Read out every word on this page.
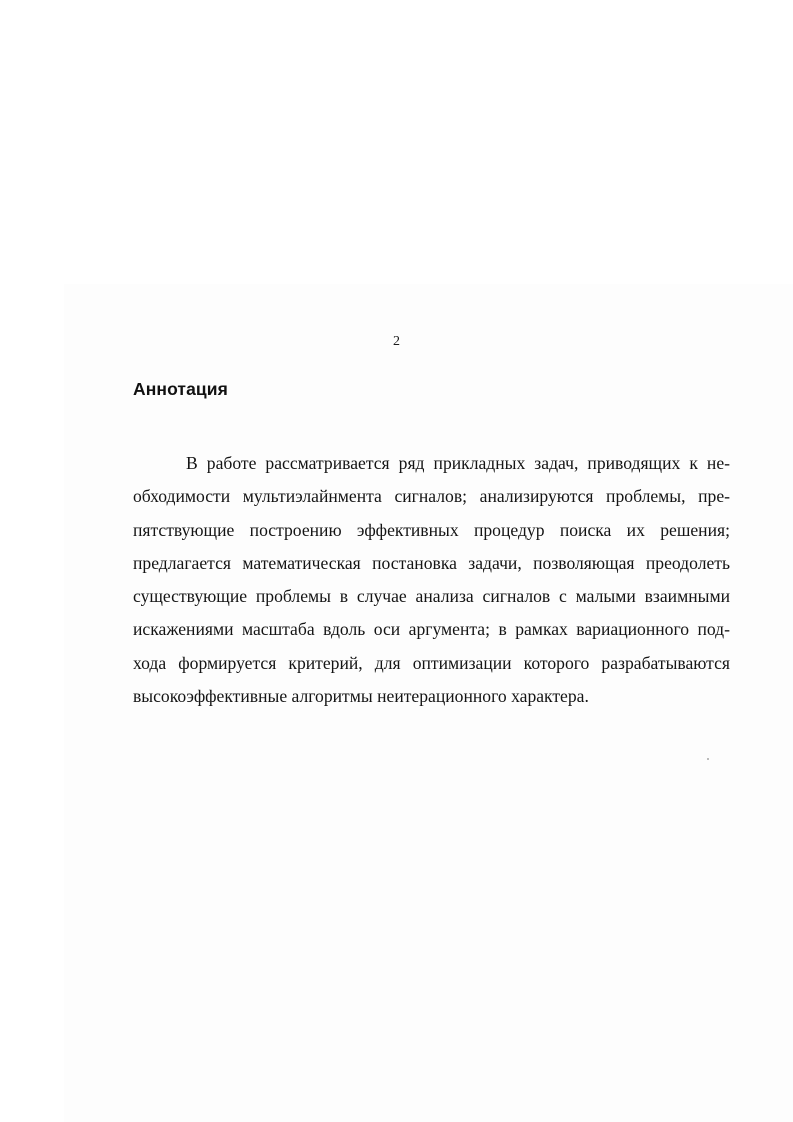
2
Аннотация
В работе рассматривается ряд прикладных задач, приводящих к не-
обходимости мультиэлайнмента сигналов; анализируются проблемы, пре-
пятствующие построению эффективных процедур поиска их решения;
предлагается математическая постановка задачи, позволяющая преодолеть
существующие проблемы в случае анализа сигналов с малыми взаимными
искажениями масштаба вдоль оси аргумента; в рамках вариационного под-
хода формируется критерий, для оптимизации которого разрабатываются
высокоэффективные алгоритмы неитерационного характера.
